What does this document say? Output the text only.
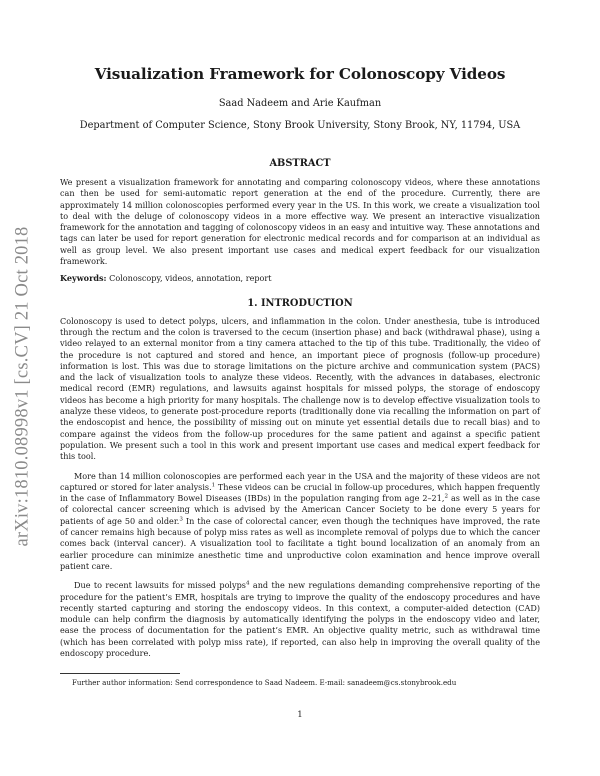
arXiv:1810.08998v1 [cs.CV] 21 Oct 2018
Visualization Framework for Colonoscopy Videos
Saad Nadeem and Arie Kaufman
Department of Computer Science, Stony Brook University, Stony Brook, NY, 11794, USA
ABSTRACT
We present a visualization framework for annotating and comparing colonoscopy videos, where these annotations can then be used for semi-automatic report generation at the end of the procedure. Currently, there are approximately 14 million colonoscopies performed every year in the US. In this work, we create a visualization tool to deal with the deluge of colonoscopy videos in a more effective way. We present an interactive visualization framework for the annotation and tagging of colonoscopy videos in an easy and intuitive way. These annotations and tags can later be used for report generation for electronic medical records and for comparison at an individual as well as group level. We also present important use cases and medical expert feedback for our visualization framework.
Keywords: Colonoscopy, videos, annotation, report
1. INTRODUCTION
Colonoscopy is used to detect polyps, ulcers, and inflammation in the colon. Under anesthesia, tube is introduced through the rectum and the colon is traversed to the cecum (insertion phase) and back (withdrawal phase), using a video relayed to an external monitor from a tiny camera attached to the tip of this tube. Traditionally, the video of the procedure is not captured and stored and hence, an important piece of prognosis (follow-up procedure) information is lost. This was due to storage limitations on the picture archive and communication system (PACS) and the lack of visualization tools to analyze these videos. Recently, with the advances in databases, electronic medical record (EMR) regulations, and lawsuits against hospitals for missed polyps, the storage of endoscopy videos has become a high priority for many hospitals. The challenge now is to develop effective visualization tools to analyze these videos, to generate post-procedure reports (traditionally done via recalling the information on part of the endoscopist and hence, the possibility of missing out on minute yet essential details due to recall bias) and to compare against the videos from the follow-up procedures for the same patient and against a specific patient population. We present such a tool in this work and present important use cases and medical expert feedback for this tool.
More than 14 million colonoscopies are performed each year in the USA and the majority of these videos are not captured or stored for later analysis.$^1$ These videos can be crucial in follow-up procedures, which happen frequently in the case of Inflammatory Bowel Diseases (IBDs) in the population ranging from age 2–21,$^2$ as well as in the case of colorectal cancer screening which is advised by the American Cancer Society to be done every 5 years for patients of age 50 and older.$^3$ In the case of colorectal cancer, even though the techniques have improved, the rate of cancer remains high because of polyp miss rates as well as incomplete removal of polyps due to which the cancer comes back (interval cancer). A visualization tool to facilitate a tight bound localization of an anomaly from an earlier procedure can minimize anesthetic time and unproductive colon examination and hence improve overall patient care.
Due to recent lawsuits for missed polyps$^4$ and the new regulations demanding comprehensive reporting of the procedure for the patient’s EMR, hospitals are trying to improve the quality of the endoscopy procedures and have recently started capturing and storing the endoscopy videos. In this context, a computer-aided detection (CAD) module can help confirm the diagnosis by automatically identifying the polyps in the endoscopy video and later, ease the process of documentation for the patient’s EMR. An objective quality metric, such as withdrawal time (which has been correlated with polyp miss rate), if reported, can also help in improving the overall quality of the endoscopy procedure.
Further author information: Send correspondence to Saad Nadeem. E-mail: sanadeem@cs.stonybrook.edu
1
